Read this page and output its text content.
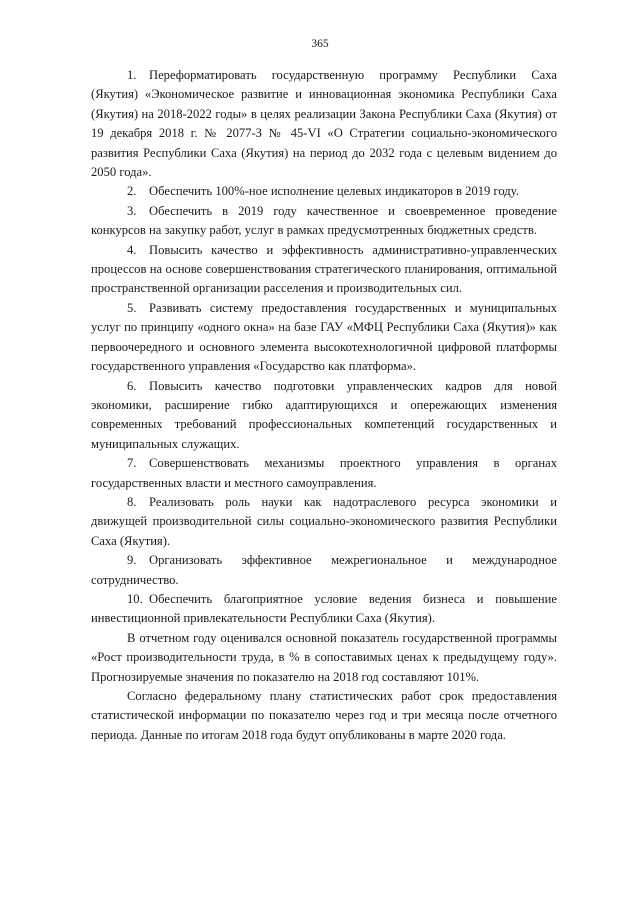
365

1. Переформатировать государственную программу Республики Саха (Якутия) «Экономическое развитие и инновационная экономика Республики Саха (Якутия) на 2018-2022 годы» в целях реализации Закона Республики Саха (Якутия) от 19 декабря 2018 г. № 2077-З № 45-VI «О Стратегии социально-экономического развития Республики Саха (Якутия) на период до 2032 года с целевым видением до 2050 года».

2. Обеспечить 100%-ное исполнение целевых индикаторов в 2019 году.

3. Обеспечить в 2019 году качественное и своевременное проведение конкурсов на закупку работ, услуг в рамках предусмотренных бюджетных средств.

4. Повысить качество и эффективность административно-управленческих процессов на основе совершенствования стратегического планирования, оптимальной пространственной организации расселения и производительных сил.

5. Развивать систему предоставления государственных и муниципальных услуг по принципу «одного окна» на базе ГАУ «МФЦ Республики Саха (Якутия)» как первоочередного и основного элемента высокотехнологичной цифровой платформы государственного управления «Государство как платформа».

6. Повысить качество подготовки управленческих кадров для новой экономики, расширение гибко адаптирующихся и опережающих изменения современных требований профессиональных компетенций государственных и муниципальных служащих.

7. Совершенствовать механизмы проектного управления в органах государственных власти и местного самоуправления.

8. Реализовать роль науки как надотраслевого ресурса экономики и движущей производительной силы социально-экономического развития Республики Саха (Якутия).

9. Организовать эффективное межрегиональное и международное сотрудничество.

10. Обеспечить благоприятное условие ведения бизнеса и повышение инвестиционной привлекательности Республики Саха (Якутия).

В отчетном году оценивался основной показатель государственной программы «Рост производительности труда, в % в сопоставимых ценах к предыдущему году». Прогнозируемые значения по показателю на 2018 год составляют 101%.

Согласно федеральному плану статистических работ срок предоставления статистической информации по показателю через год и три месяца после отчетного периода. Данные по итогам 2018 года будут опубликованы в марте 2020 года.
